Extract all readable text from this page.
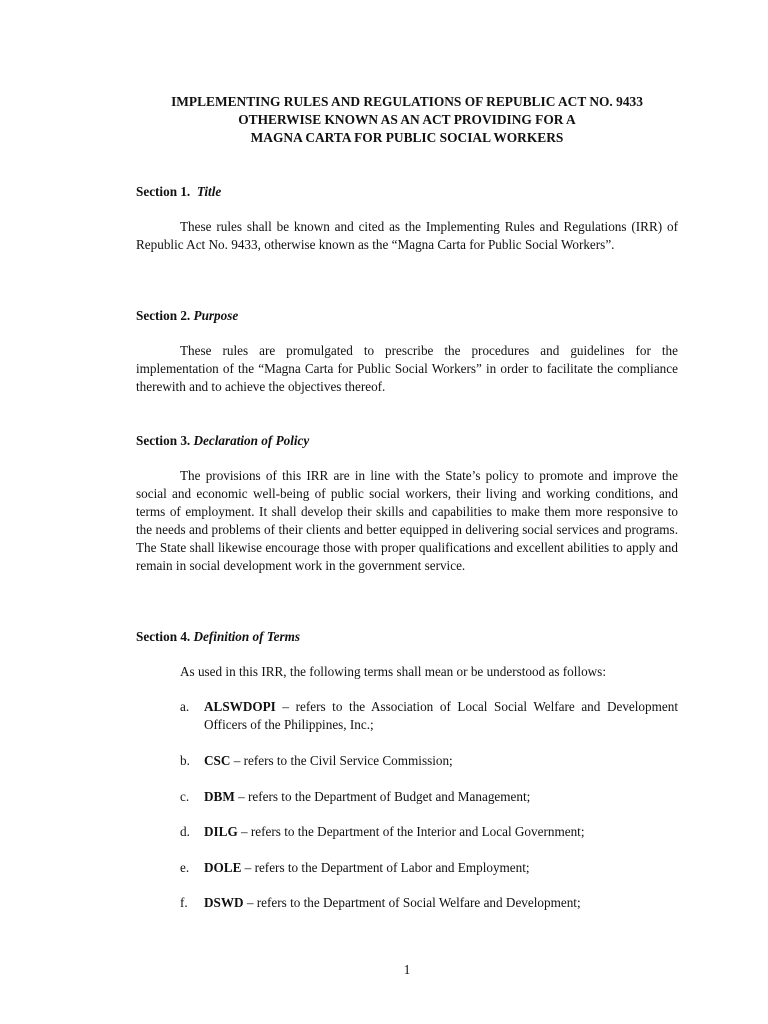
IMPLEMENTING RULES AND REGULATIONS OF REPUBLIC ACT NO. 9433
OTHERWISE KNOWN AS AN ACT PROVIDING FOR A
MAGNA CARTA FOR PUBLIC SOCIAL WORKERS
Section 1. Title

These rules shall be known and cited as the Implementing Rules and Regulations (IRR) of Republic Act No. 9433, otherwise known as the “Magna Carta for Public Social Workers”.

Section 2. Purpose

These rules are promulgated to prescribe the procedures and guidelines for the implementation of the “Magna Carta for Public Social Workers” in order to facilitate the compliance therewith and to achieve the objectives thereof.

Section 3. Declaration of Policy

The provisions of this IRR are in line with the State’s policy to promote and improve the social and economic well-being of public social workers, their living and working conditions, and terms of employment. It shall develop their skills and capabilities to make them more responsive to the needs and problems of their clients and better equipped in delivering social services and programs. The State shall likewise encourage those with proper qualifications and excellent abilities to apply and remain in social development work in the government service.

Section 4. Definition of Terms
As used in this IRR, the following terms shall mean or be understood as follows:
a.	ALSWDOPI – refers to the Association of Local Social Welfare and Development Officers of the Philippines, Inc.;
b.	CSC – refers to the Civil Service Commission;
c.	DBM – refers to the Department of Budget and Management;
d.	DILG – refers to the Department of the Interior and Local Government;
e.	DOLE – refers to the Department of Labor and Employment;
f.	DSWD – refers to the Department of Social Welfare and Development;
1
